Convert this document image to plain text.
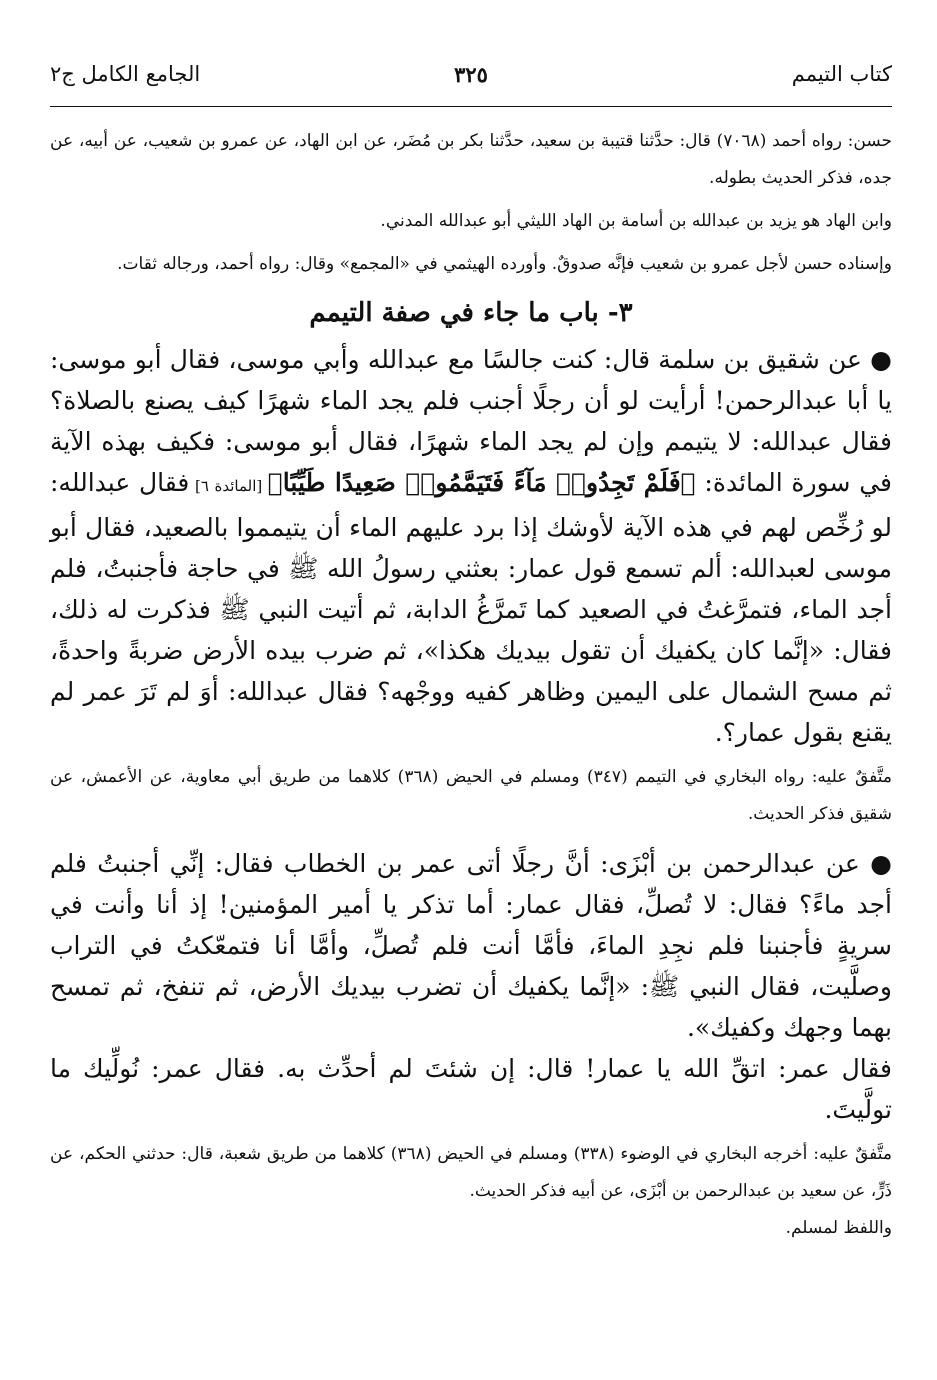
كتاب التيمم
٣٢٥
الجامع الكامل ج٢

حسن: رواه أحمد (٧٠٦٨) قال: حدَّثنا قتيبة بن سعيد، حدَّثنا بكر بن مُضَر، عن ابن الهاد، عن عمرو بن شعيب، عن أبيه، عن جده، فذكر الحديث بطوله.

وابن الهاد هو يزيد بن عبدالله بن أسامة بن الهاد الليثي أبو عبدالله المدني.

وإسناده حسن لأجل عمرو بن شعيب فإنَّه صدوقٌ. وأورده الهيثمي في «المجمع» وقال: رواه أحمد، ورجاله ثقات.

٣- باب ما جاء في صفة التيمم

● عن شقيق بن سلمة قال: كنت جالسًا مع عبدالله وأبي موسى، فقال أبو موسى: يا أبا عبدالرحمن! أرأيت لو أن رجلًا أجنب فلم يجد الماء شهرًا كيف يصنع بالصلاة؟ فقال عبدالله: لا يتيمم وإن لم يجد الماء شهرًا، فقال أبو موسى: فكيف بهذه الآية في سورة المائدة: ﴿فَلَمْ تَجِدُوا۟ مَآءً فَتَيَمَّمُوا۟ صَعِيدًا طَيِّبًا﴾ [المائدة ٦] فقال عبدالله: لو رُخِّص لهم في هذه الآية لأوشك إذا برد عليهم الماء أن يتيمموا بالصعيد، فقال أبو موسى لعبدالله: ألم تسمع قول عمار: بعثني رسولُ الله ﷺ في حاجة فأجنبتُ، فلم أجد الماء، فتمرَّغتُ في الصعيد كما تَمرَّغُ الدابة، ثم أتيت النبي ﷺ فذكرت له ذلك، فقال: «إنَّما كان يكفيك أن تقول بيديك هكذا»، ثم ضرب بيده الأرض ضربةً واحدةً، ثم مسح الشمال على اليمين وظاهر كفيه ووجْهه؟ فقال عبدالله: أوَ لم تَرَ عمر لم يقنع بقول عمار؟.

متَّفقٌ عليه: رواه البخاري في التيمم (٣٤٧) ومسلم في الحيض (٣٦٨) كلاهما من طريق أبي معاوية، عن الأعمش، عن شقيق فذكر الحديث.

● عن عبدالرحمن بن أبْزَى: أنَّ رجلًا أتى عمر بن الخطاب فقال: إنِّي أجنبتُ فلم أجد ماءً؟ فقال: لا تُصلِّ، فقال عمار: أما تذكر يا أمير المؤمنين! إذ أنا وأنت في سريةٍ فأجنبنا فلم نجِدِ الماءَ، فأمَّا أنت فلم تُصلِّ، وأمَّا أنا فتمعّكتُ في التراب وصلَّيت، فقال النبي ﷺ: «إنَّما يكفيك أن تضرب بيديك الأرض، ثم تنفخ، ثم تمسح بهما وجهك وكفيك».

فقال عمر: اتقِّ الله يا عمار! قال: إن شئتَ لم أحدِّث به. فقال عمر: نُولِّيك ما تولَّيتَ.

متَّفقٌ عليه: أخرجه البخاري في الوضوء (٣٣٨) ومسلم في الحيض (٣٦٨) كلاهما من طريق شعبة، قال: حدثني الحكم، عن ذَرٍّ، عن سعيد بن عبدالرحمن بن أبْزَى، عن أبيه فذكر الحديث.

واللفظ لمسلم.
